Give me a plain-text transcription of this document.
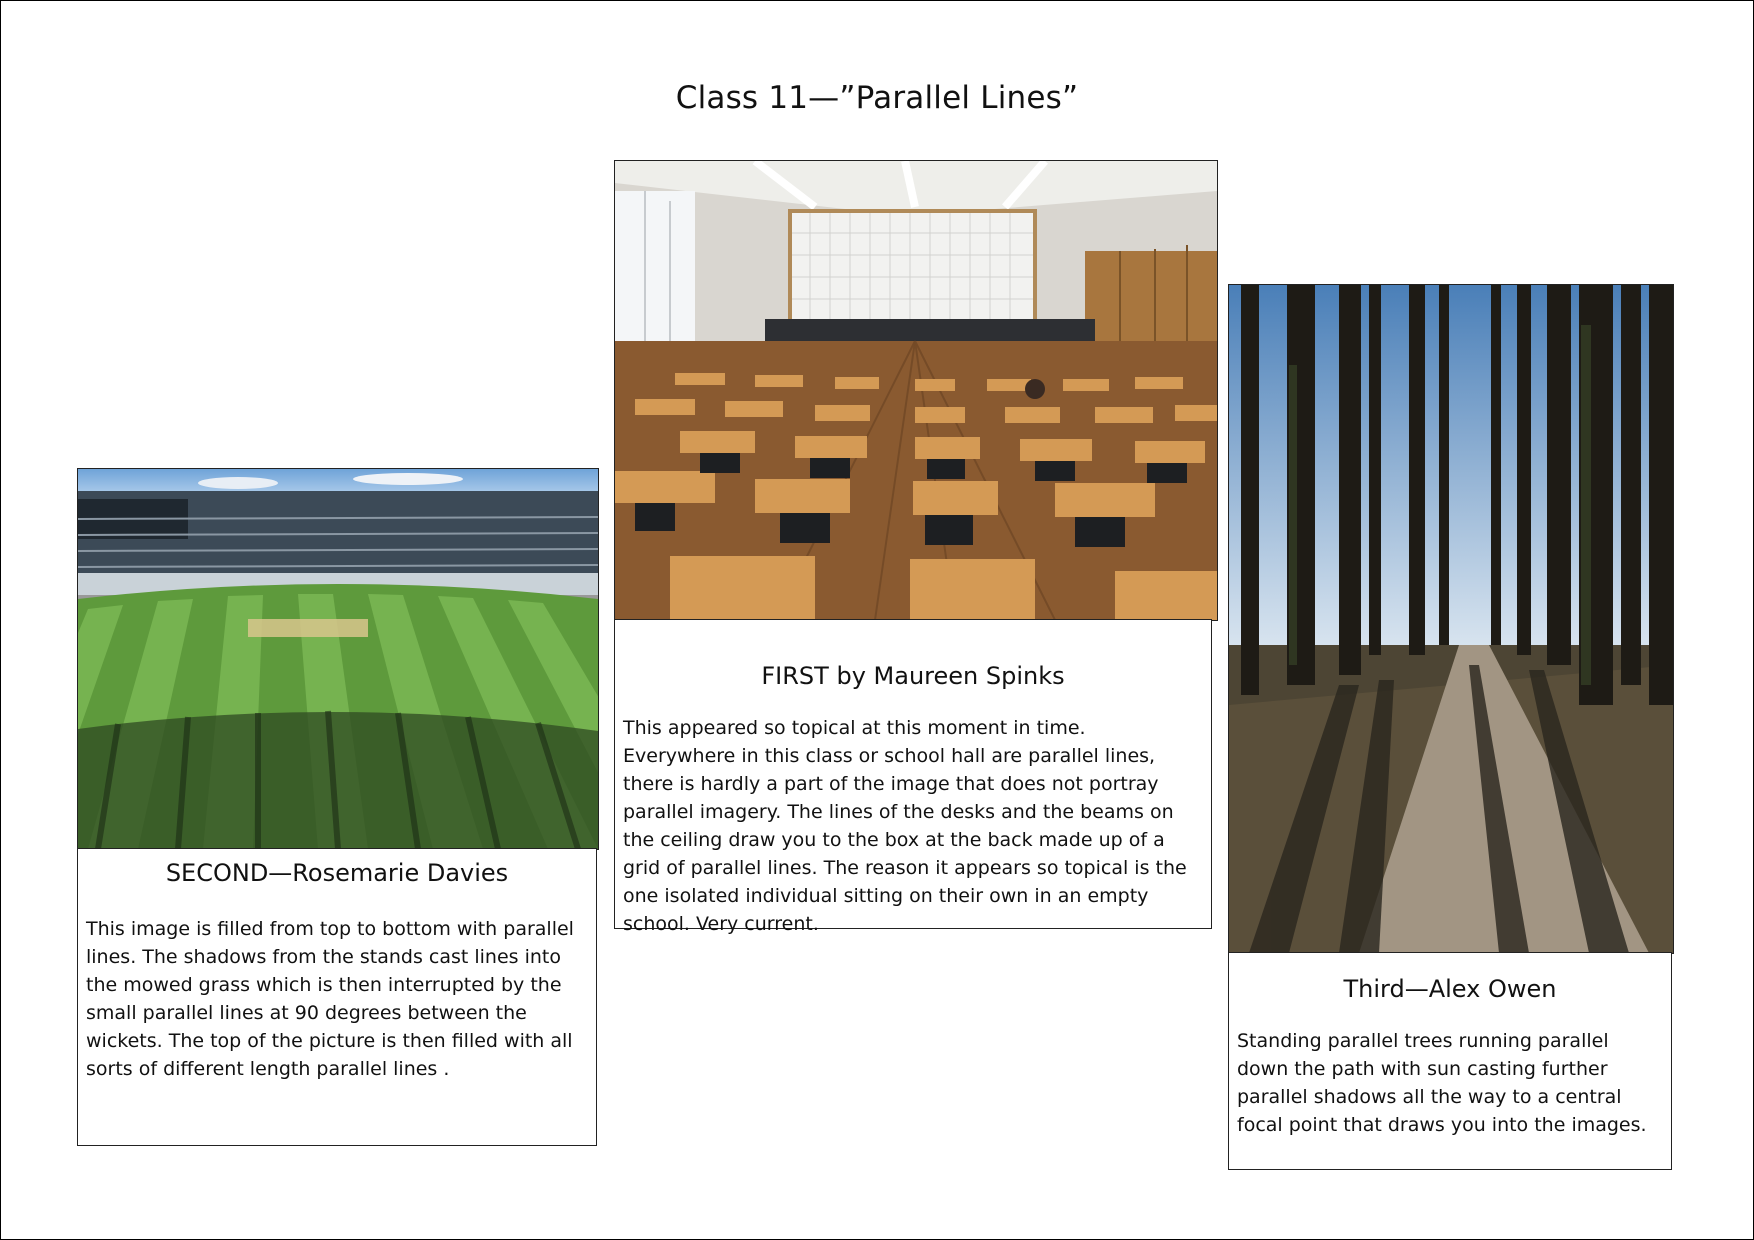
Class 11—”Parallel Lines”
SECOND—Rosemarie Davies
This image is filled from top to bottom with parallel lines. The shadows from the stands cast lines into the mowed grass which is then interrupted by the small parallel lines at 90 degrees between the wickets. The top of the picture is then filled with all sorts of different length parallel lines .
FIRST by Maureen Spinks
This appeared so topical at this moment in time. Everywhere in this class or school hall are parallel lines, there is hardly a part of the image that does not portray parallel imagery. The lines of the desks and the beams on the ceiling draw you to the box at the back made up of a grid of parallel lines. The reason it appears so topical is the one isolated individual sitting on their own in an empty school. Very current.
Third—Alex Owen
Standing parallel trees running parallel down the path with sun casting further parallel shadows all the way to a central focal point that draws you into the images.
